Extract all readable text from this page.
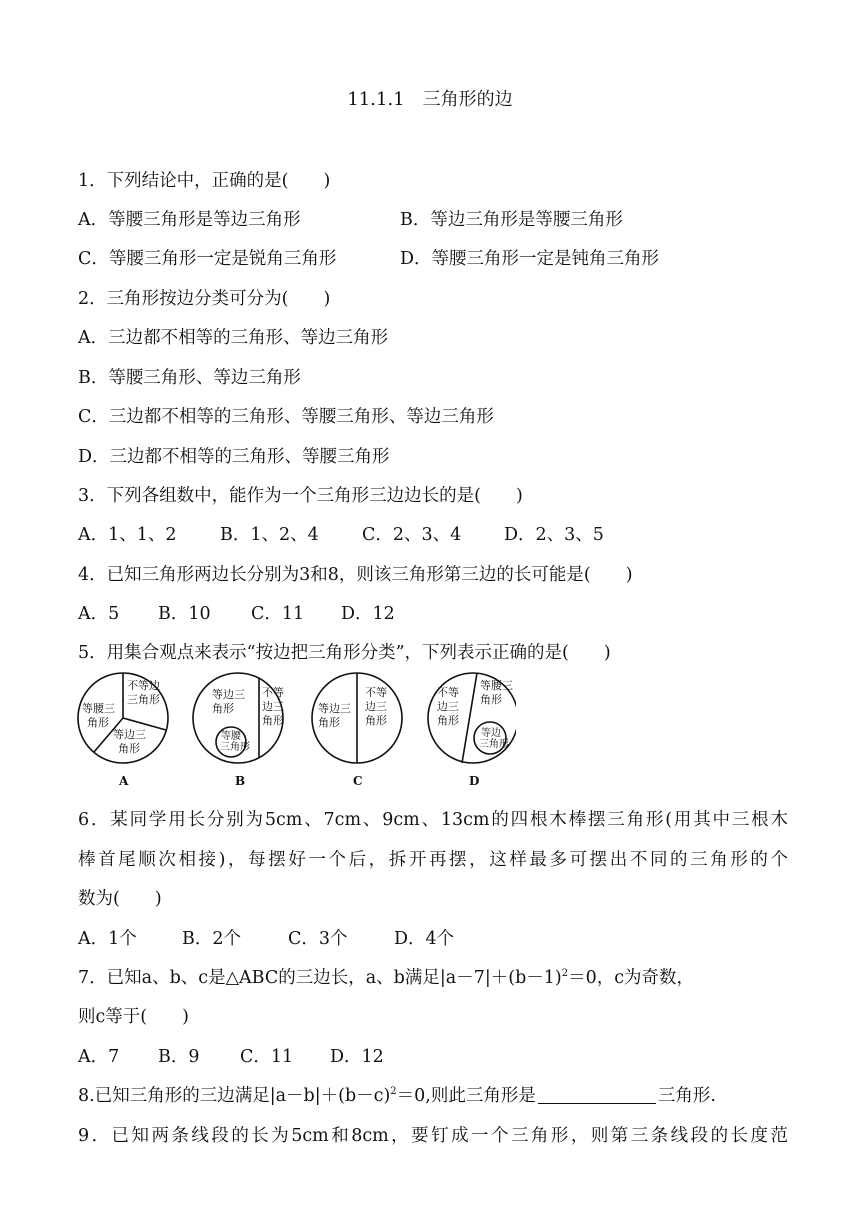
11.1.1　三角形的边
1．下列结论中，正确的是(　　)
A．等腰三角形是等边三角形	B．等边三角形是等腰三角形
C．等腰三角形一定是锐角三角形	D．等腰三角形一定是钝角三角形
2．三角形按边分类可分为(　　)
A．三边都不相等的三角形、等边三角形
B．等腰三角形、等边三角形
C．三边都不相等的三角形、等腰三角形、等边三角形
D．三边都不相等的三角形、等腰三角形
3．下列各组数中，能作为一个三角形三边边长的是(　　)
A．1、1、2 B．1、2、4 C．2、3、4 D．2、3、5
4．已知三角形两边长分别为3和8，则该三角形第三边的长可能是(　　)
A．5 B．10 C．11 D．12
5．用集合观点来表示“按边把三角形分类”，下列表示正确的是(　　)
等腰三
角形
不等边
三角形
等边三
角形
等边三
角形
不等
边三
角形
等腰
三角形
等边三
角形
不等
边三
角形
不等
边三
角形
等腰三
角形
等边
三角形
A	B	C	D
6．某同学用长分别为5cm、7cm、9cm、13cm的四根木棒摆三角形(用其中三根木
棒首尾顺次相接)，每摆好一个后，拆开再摆，这样最多可摆出不同的三角形的个
数为(　　)
A．1个	B．2个	C．3个	D．4个
7．已知a、b、c是△ABC的三边长，a、b满足$|a-7|+(b-1)^2=0$，c为奇数，
则c等于(　　)
A．7 B．9 C．11 D．12
8.已知三角形的三边满足$|a-b|+(b-c)^2=0$,则此三角形是	三角形.
9．已知两条线段的长为5cm和8cm，要钉成一个三角形，则第三条线段的长度范
